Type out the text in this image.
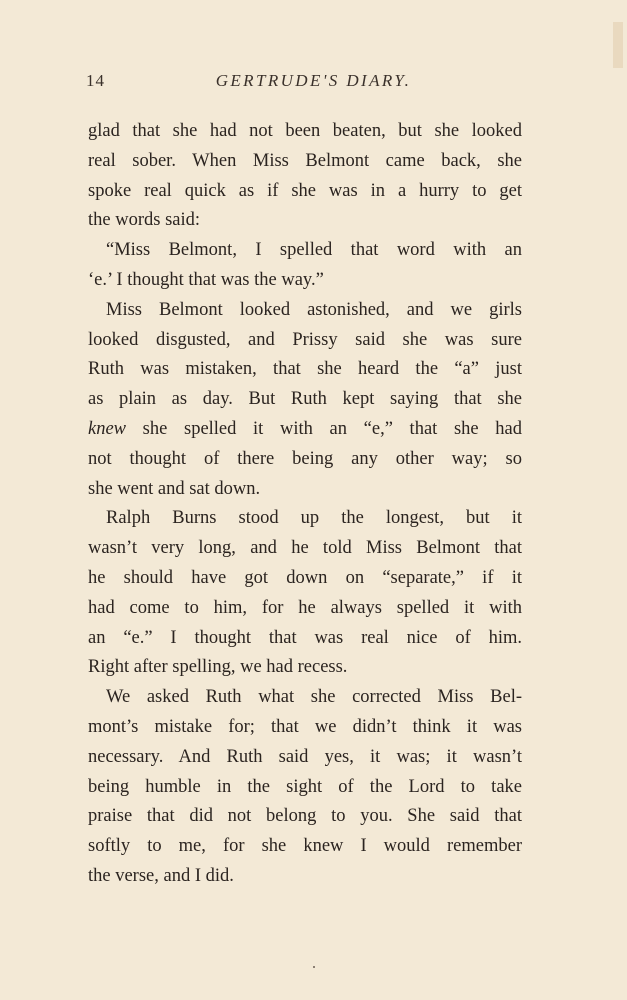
14	GERTRUDE'S DIARY.
glad that she had not been beaten, but she looked
real sober. When Miss Belmont came back, she
spoke real quick as if she was in a hurry to get
the words said:
“Miss Belmont, I spelled that word with an
‘e.’ I thought that was the way.”
Miss Belmont looked astonished, and we girls
looked disgusted, and Prissy said she was sure
Ruth was mistaken, that she heard the “a” just
as plain as day. But Ruth kept saying that she
knew she spelled it with an “e,” that she had
not thought of there being any other way; so
she went and sat down.
Ralph Burns stood up the longest, but it
wasn’t very long, and he told Miss Belmont that
he should have got down on “separate,” if it
had come to him, for he always spelled it with
an “e.” I thought that was real nice of him.
Right after spelling, we had recess.
We asked Ruth what she corrected Miss Bel-
mont’s mistake for; that we didn’t think it was
necessary. And Ruth said yes, it was; it wasn’t
being humble in the sight of the Lord to take
praise that did not belong to you. She said that
softly to me, for she knew I would remember
the verse, and I did.
